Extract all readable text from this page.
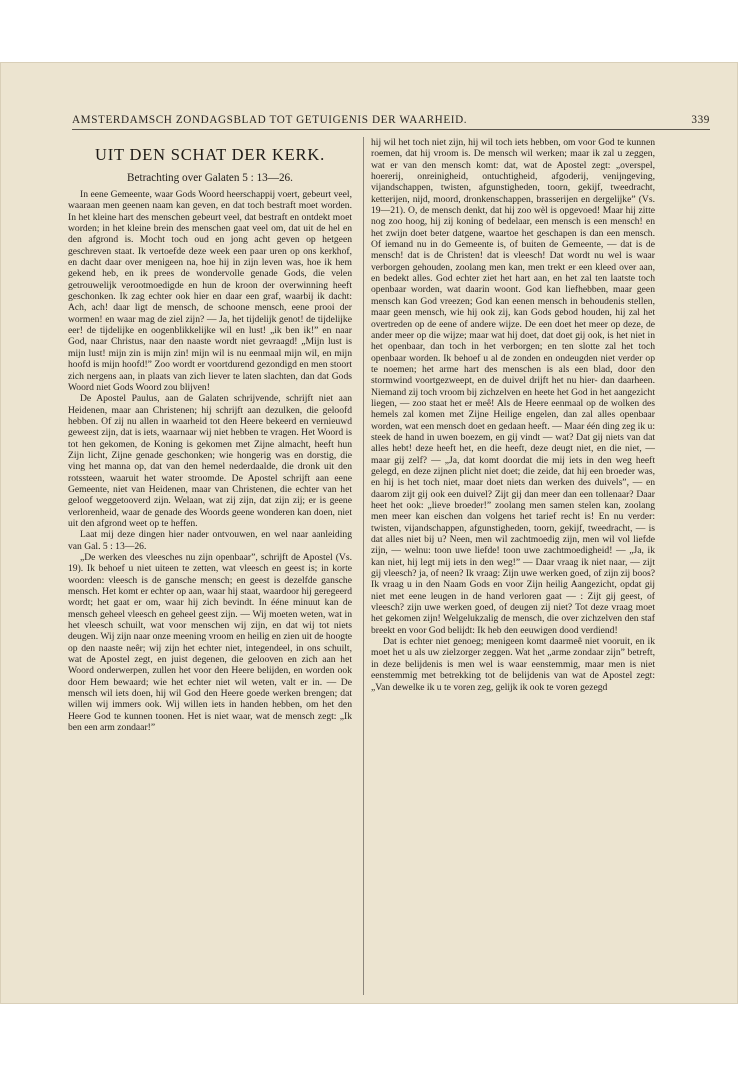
AMSTERDAMSCH ZONDAGSBLAD TOT GETUIGENIS DER WAARHEID.	339
UIT DEN SCHAT DER KERK.
Betrachting over Galaten 5 : 13—26.

In eene Gemeente, waar Gods Woord heerschappij voert, gebeurt veel, waaraan men geenen naam kan geven, en dat toch bestraft moet worden. In het kleine hart des menschen gebeurt veel, dat bestraft en ontdekt moet worden; in het kleine brein des menschen gaat veel om, dat uit de hel en den afgrond is. Mocht toch oud en jong acht geven op hetgeen geschreven staat. Ik vertoefde deze week een paar uren op ons kerkhof, en dacht daar over menigeen na, hoe hij in zijn leven was, hoe ik hem gekend heb, en ik prees de wondervolle genade Gods, die velen getrouwelijk verootmoedigde en hun de kroon der overwinning heeft geschonken. Ik zag echter ook hier en daar een graf, waarbij ik dacht: Ach, ach! daar ligt de mensch, de schoone mensch, eene prooi der wormen! en waar mag de ziel zijn? — Ja, het tijdelijk genot! de tijdelijke eer! de tijdelijke en oogenblikkelijke wil en lust! „ik ben ik!” en naar God, naar Christus, naar den naaste wordt niet gevraagd! „Mijn lust is mijn lust! mijn zin is mijn zin! mijn wil is nu eenmaal mijn wil, en mijn hoofd is mijn hoofd!” Zoo wordt er voortdurend gezondigd en men stoort zich nergens aan, in plaats van zich liever te laten slachten, dan dat Gods Woord niet Gods Woord zou blijven!

De Apostel Paulus, aan de Galaten schrijvende, schrijft niet aan Heidenen, maar aan Christenen; hij schrijft aan dezulken, die geloofd hebben. Of zij nu allen in waarheid tot den Heere bekeerd en vernieuwd geweest zijn, dat is iets, waarnaar wij niet hebben te vragen. Het Woord is tot hen gekomen, de Koning is gekomen met Zijne almacht, heeft hun Zijn licht, Zijne genade geschonken; wie hongerig was en dorstig, die ving het manna op, dat van den hemel nederdaalde, die dronk uit den rotssteen, waaruit het water stroomde. De Apostel schrijft aan eene Gemeente, niet van Heidenen, maar van Christenen, die echter van het geloof weggetooverd zijn. Welaan, wat zij zijn, dat zijn zij; er is geene verlorenheid, waar de genade des Woords geene wonderen kan doen, niet uit den afgrond weet op te heffen.

Laat mij deze dingen hier nader ontvouwen, en wel naar aanleiding van Gal. 5 : 13—26.

„De werken des vleesches nu zijn openbaar”, schrijft de Apostel (Vs. 19). Ik behoef u niet uiteen te zetten, wat vleesch en geest is; in korte woorden: vleesch is de gansche mensch; en geest is dezelfde gansche mensch. Het komt er echter op aan, waar hij staat, waardoor hij geregeerd wordt; het gaat er om, waar hij zich bevindt. In ééne minuut kan de mensch geheel vleesch en geheel geest zijn. — Wij moeten weten, wat in het vleesch schuilt, wat voor menschen wij zijn, en dat wij tot niets deugen. Wij zijn naar onze meening vroom en heilig en zien uit de hoogte op den naaste neêr; wij zijn het echter niet, integendeel, in ons schuilt, wat de Apostel zegt, en juist degenen, die gelooven en zich aan het Woord onderwerpen, zullen het voor den Heere belijden, en worden ook door Hem bewaard; wie het echter niet wil weten, valt er in. — De mensch wil iets doen, hij wil God den Heere goede werken brengen; dat willen wij immers ook. Wij willen iets in handen hebben, om het den Heere God te kunnen toonen. Het is niet waar, wat de mensch zegt: „Ik ben een arm zondaar!”

hij wil het toch niet zijn, hij wil toch iets hebben, om voor God te kunnen roemen, dat hij vroom is. De mensch wil werken; maar ik zal u zeggen, wat er van den mensch komt: dat, wat de Apostel zegt: „overspel, hoererij, onreinigheid, ontuchtigheid, afgoderij, venijngeving, vijandschappen, twisten, afgunstigheden, toorn, gekijf, tweedracht, ketterijen, nijd, moord, dronkenschappen, brasserijen en dergelijke” (Vs. 19—21). O, de mensch denkt, dat hij zoo wèl is opgevoed! Maar hij zitte nog zoo hoog, hij zij koning of bedelaar, een mensch is een mensch! en het zwijn doet beter datgene, waartoe het geschapen is dan een mensch. Of iemand nu in do Gemeente is, of buiten de Gemeente, — dat is de mensch! dat is de Christen! dat is vleesch! Dat wordt nu wel is waar verborgen gehouden, zoolang men kan, men trekt er een kleed over aan, en bedekt alles. God echter ziet het hart aan, en het zal ten laatste toch openbaar worden, wat daarin woont. God kan liefhebben, maar geen mensch kan God vreezen; God kan eenen mensch in behoudenis stellen, maar geen mensch, wie hij ook zij, kan Gods gebod houden, hij zal het overtreden op de eene of andere wijze. De een doet het meer op deze, de ander meer op die wijze; maar wat hij doet, dat doet gij ook, is het niet in het openbaar, dan toch in het verborgen; en ten slotte zal het toch openbaar worden. Ik behoef u al de zonden en ondeugden niet verder op te noemen; het arme hart des menschen is als een blad, door den stormwind voortgezweept, en de duivel drijft het nu hier- dan daarheen. Niemand zij toch vroom bij zichzelven en heete het God in het aangezicht liegen, — zoo staat het er meê! Als de Heere eenmaal op de wolken des hemels zal komen met Zijne Heilige engelen, dan zal alles openbaar worden, wat een mensch doet en gedaan heeft. — Maar één ding zeg ik u: steek de hand in uwen boezem, en gij vindt — wat? Dat gij niets van dat alles hebt! deze heeft het, en die heeft, deze deugt niet, en die niet, — maar gij zelf? — „Ja, dat komt doordat die mij iets in den weg heeft gelegd, en deze zijnen plicht niet doet; die zeide, dat hij een broeder was, en hij is het toch niet, maar doet niets dan werken des duivels”, — en daarom zijt gij ook een duivel? Zijt gij dan meer dan een tollenaar? Daar heet het ook: „lieve broeder!” zoolang men samen stelen kan, zoolang men meer kan eischen dan volgens het tarief recht is! En nu verder: twisten, vijandschappen, afgunstigheden, toorn, gekijf, tweedracht, — is dat alles niet bij u? Neen, men wil zachtmoedig zijn, men wil vol liefde zijn, — welnu: toon uwe liefde! toon uwe zachtmoedigheid! — „Ja, ik kan niet, hij legt mij iets in den weg!” — Daar vraag ik niet naar, — zijt gij vleesch? ja, of neen? Ik vraag: Zijn uwe werken goed, of zijn zij boos? Ik vraag u in den Naam Gods en voor Zijn heilig Aangezicht, opdat gij niet met eene leugen in de hand verloren gaat — : Zijt gij geest, of vleesch? zijn uwe werken goed, of deugen zij niet? Tot deze vraag moet het gekomen zijn! Welgelukzalig de mensch, die over zichzelven den staf breekt en voor God belijdt: Ik heb den eeuwigen dood verdiend!

Dat is echter niet genoeg; menigeen komt daarmeê niet vooruit, en ik moet het u als uw zielzorger zeggen. Wat het „arme zondaar zijn” betreft, in deze belijdenis is men wel is waar eenstemmig, maar men is niet eenstemmig met betrekking tot de belijdenis van wat de Apostel zegt: „Van dewelke ik u te voren zeg, gelijk ik ook te voren gezegd
